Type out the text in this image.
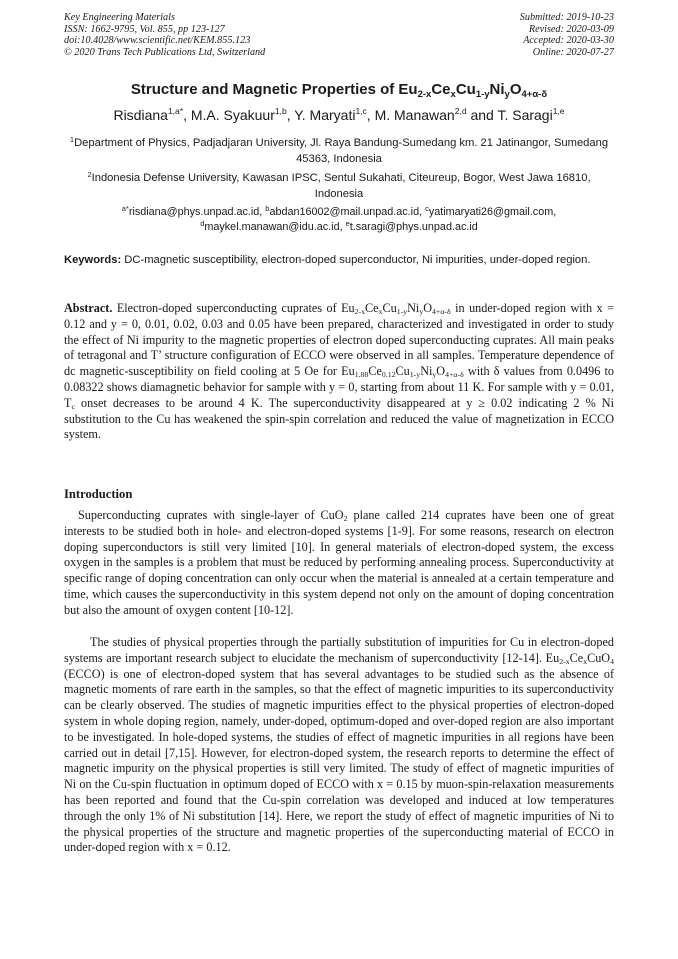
Key Engineering Materials
ISSN: 1662-9795, Vol. 855, pp 123-127
doi:10.4028/www.scientific.net/KEM.855.123
© 2020 Trans Tech Publications Ltd, Switzerland
Submitted: 2019-10-23
Revised: 2020-03-09
Accepted: 2020-03-30
Online: 2020-07-27
Structure and Magnetic Properties of $Eu_{2-x}Ce_xCu_{1-y}Ni_yO_{4+\alpha-\delta}$
Risdiana$^{1,a*}$, M.A. Syakuur$^{1,b}$, Y. Maryati$^{1,c}$, M. Manawan$^{2,d}$ and T. Saragi$^{1,e}$
$^1$Department of Physics, Padjadjaran University, Jl. Raya Bandung-Sumedang km. 21 Jatinangor, Sumedang 45363, Indonesia
$^2$Indonesia Defense University, Kawasan IPSC, Sentul Sukahati, Citeureup, Bogor, West Jawa 16810, Indonesia
$^{a*}$risdiana@phys.unpad.ac.id, $^b$abdan16002@mail.unpad.ac.id, $^c$yatimaryati26@gmail.com,
$^d$maykel.manawan@idu.ac.id, $^e$t.saragi@phys.unpad.ac.id
Keywords: DC-magnetic susceptibility, electron-doped superconductor, Ni impurities, under-doped region.
Abstract. Electron-doped superconducting cuprates of $Eu_{2-x}Ce_xCu_{1-y}Ni_yO_{4+\alpha-\delta}$ in under-doped region with x = 0.12 and y = 0, 0.01, 0.02, 0.03 and 0.05 have been prepared, characterized and investigated in order to study the effect of Ni impurity to the magnetic properties of electron doped superconducting cuprates. All main peaks of tetragonal and T’ structure configuration of ECCO were observed in all samples. Temperature dependence of dc magnetic-susceptibility on field cooling at 5 Oe for $Eu_{1.88}Ce_{0.12}Cu_{1-y}Ni_yO_{4+\alpha-\delta}$ with δ values from 0.0496 to 0.08322 shows diamagnetic behavior for sample with y = 0, starting from about 11 K. For sample with y = 0.01, $T_c$ onset decreases to be around 4 K. The superconductivity disappeared at y ≥ 0.02 indicating 2 % Ni substitution to the Cu has weakened the spin-spin correlation and reduced the value of magnetization in ECCO system.
Introduction
Superconducting cuprates with single-layer of CuO$_2$ plane called 214 cuprates have been one of great interests to be studied both in hole- and electron-doped systems [1-9]. For some reasons, research on electron doping superconductors is still very limited [10]. In general materials of electron-doped system, the excess oxygen in the samples is a problem that must be reduced by performing annealing process. Superconductivity at specific range of doping concentration can only occur when the material is annealed at a certain temperature and time, which causes the superconductivity in this system depend not only on the amount of doping concentration but also the amount of oxygen content [10-12].
The studies of physical properties through the partially substitution of impurities for Cu in electron-doped systems are important research subject to elucidate the mechanism of superconductivity [12-14]. $Eu_{2-x}Ce_xCuO_4$ (ECCO) is one of electron-doped system that has several advantages to be studied such as the absence of magnetic moments of rare earth in the samples, so that the effect of magnetic impurities to its superconductivity can be clearly observed. The studies of magnetic impurities effect to the physical properties of electron-doped system in whole doping region, namely, under-doped, optimum-doped and over-doped region are also important to be investigated. In hole-doped systems, the studies of effect of magnetic impurities in all regions have been carried out in detail [7,15]. However, for electron-doped system, the research reports to determine the effect of magnetic impurity on the physical properties is still very limited. The study of effect of magnetic impurities of Ni on the Cu-spin fluctuation in optimum doped of ECCO with x = 0.15 by muon-spin-relaxation measurements has been reported and found that the Cu-spin correlation was developed and induced at low temperatures through the only 1% of Ni substitution [14]. Here, we report the study of effect of magnetic impurities of Ni to the physical properties of the structure and magnetic properties of the superconducting material of ECCO in under-doped region with x = 0.12.
